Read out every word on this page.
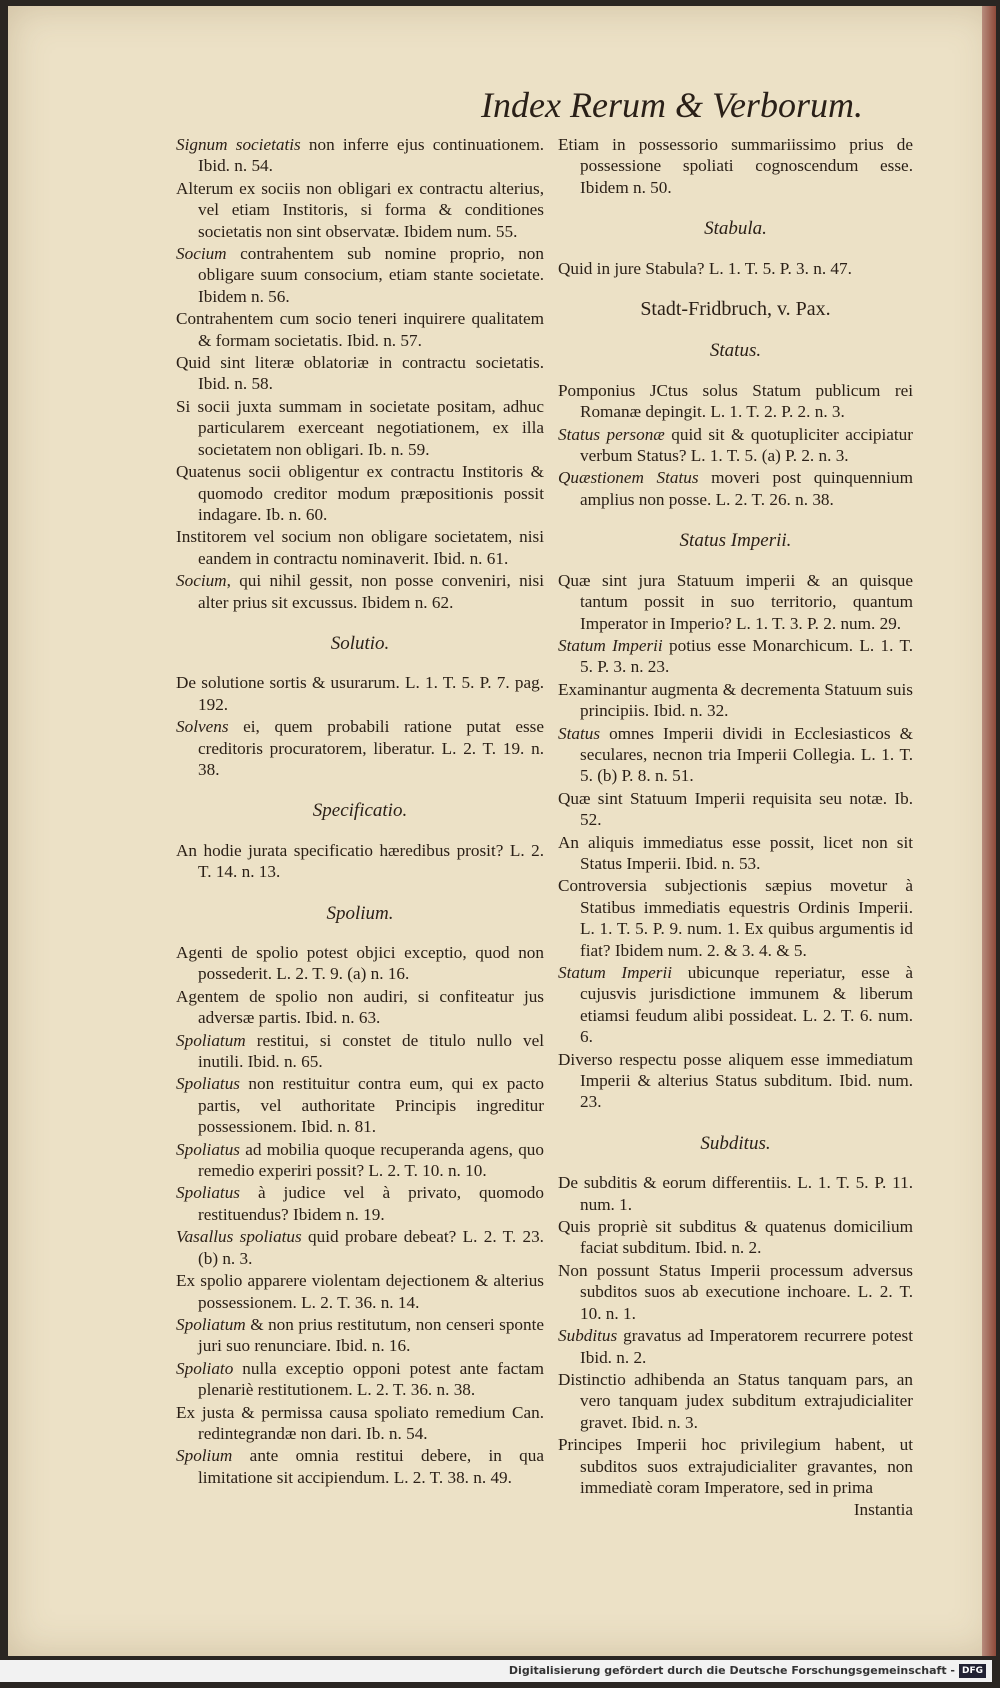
Index Rerum & Verborum.
Signum societatis non inferre ejus continuationem. Ibid. n. 54.
Alterum ex sociis non obligari ex contractu alterius, vel etiam Institoris, si forma & conditiones societatis non sint observatæ. Ibidem num. 55.
Socium contrahentem sub nomine proprio, non obligare suum consocium, etiam stante societate. Ibidem n. 56.
Contrahentem cum socio teneri inquirere qualitatem & formam societatis. Ibid. n. 57.
Quid sint literæ oblatoriæ in contractu societatis. Ibid. n. 58.
Si socii juxta summam in societate positam, adhuc particularem exerceant negotiationem, ex illa societatem non obligari. Ib. n. 59.
Quatenus socii obligentur ex contractu Institoris & quomodo creditor modum præpositionis possit indagare. Ib. n. 60.
Institorem vel socium non obligare societatem, nisi eandem in contractu nominaverit. Ibid. n. 61.
Socium, qui nihil gessit, non posse conveniri, nisi alter prius sit excussus. Ibidem n. 62.
Solutio.
De solutione sortis & usurarum. L. 1. T. 5. P. 7. pag. 192.
Solvens ei, quem probabili ratione putat esse creditoris procuratorem, liberatur. L. 2. T. 19. n. 38.
Specificatio.
An hodie jurata specificatio hæredibus prosit? L. 2. T. 14. n. 13.
Spolium.
Agenti de spolio potest objici exceptio, quod non possederit. L. 2. T. 9. (a) n. 16.
Agentem de spolio non audiri, si confiteatur jus adversæ partis. Ibid. n. 63.
Spoliatum restitui, si constet de titulo nullo vel inutili. Ibid. n. 65.
Spoliatus non restituitur contra eum, qui ex pacto partis, vel authoritate Principis ingreditur possessionem. Ibid. n. 81.
Spoliatus ad mobilia quoque recuperanda agens, quo remedio experiri possit? L. 2. T. 10. n. 10.
Spoliatus à judice vel à privato, quomodo restituendus? Ibidem n. 19.
Vasallus spoliatus quid probare debeat? L. 2. T. 23. (b) n. 3.
Ex spolio apparere violentam dejectionem & alterius possessionem. L. 2. T. 36. n. 14.
Spoliatum & non prius restitutum, non censeri sponte juri suo renunciare. Ibid. n. 16.
Spoliato nulla exceptio opponi potest ante factam plenariè restitutionem. L. 2. T. 36. n. 38.
Ex justa & permissa causa spoliato remedium Can. redintegrandæ non dari. Ib. n. 54.
Spolium ante omnia restitui debere, in qua limitatione sit accipiendum. L. 2. T. 38. n. 49.
Etiam in possessorio summariissimo prius de possessione spoliati cognoscendum esse. Ibidem n. 50.
Stabula.
Quid in jure Stabula? L. 1. T. 5. P. 3. n. 47.
Stadt-Fridbruch, v. Pax.
Status.
Pomponius JCtus solus Statum publicum rei Romanæ depingit. L. 1. T. 2. P. 2. n. 3.
Status personæ quid sit & quotupliciter accipiatur verbum Status? L. 1. T. 5. (a) P. 2. n. 3.
Quæstionem Status moveri post quinquennium amplius non posse. L. 2. T. 26. n. 38.
Status Imperii.
Quæ sint jura Statuum imperii & an quisque tantum possit in suo territorio, quantum Imperator in Imperio? L. 1. T. 3. P. 2. num. 29.
Statum Imperii potius esse Monarchicum. L. 1. T. 5. P. 3. n. 23.
Examinantur augmenta & decrementa Statuum suis principiis. Ibid. n. 32.
Status omnes Imperii dividi in Ecclesiasticos & seculares, necnon tria Imperii Collegia. L. 1. T. 5. (b) P. 8. n. 51.
Quæ sint Statuum Imperii requisita seu notæ. Ib. 52.
An aliquis immediatus esse possit, licet non sit Status Imperii. Ibid. n. 53.
Controversia subjectionis sæpius movetur à Statibus immediatis equestris Ordinis Imperii. L. 1. T. 5. P. 9. num. 1. Ex quibus argumentis id fiat? Ibidem num. 2. & 3. 4. & 5.
Statum Imperii ubicunque reperiatur, esse à cujusvis jurisdictione immunem & liberum etiamsi feudum alibi possideat. L. 2. T. 6. num. 6.
Diverso respectu posse aliquem esse immediatum Imperii & alterius Status subditum. Ibid. num. 23.
Subditus.
De subditis & eorum differentiis. L. 1. T. 5. P. 11. num. 1.
Quis propriè sit subditus & quatenus domicilium faciat subditum. Ibid. n. 2.
Non possunt Status Imperii processum adversus subditos suos ab executione inchoare. L. 2. T. 10. n. 1.
Subditus gravatus ad Imperatorem recurrere potest Ibid. n. 2.
Distinctio adhibenda an Status tanquam pars, an vero tanquam judex subditum extrajudicialiter gravet. Ibid. n. 3.
Principes Imperii hoc privilegium habent, ut subditos suos extrajudicialiter gravantes, non immediatè coram Imperatore, sed in prima
Instantia
Digitalisierung gefördert durch die Deutsche Forschungsgemeinschaft - DFG
